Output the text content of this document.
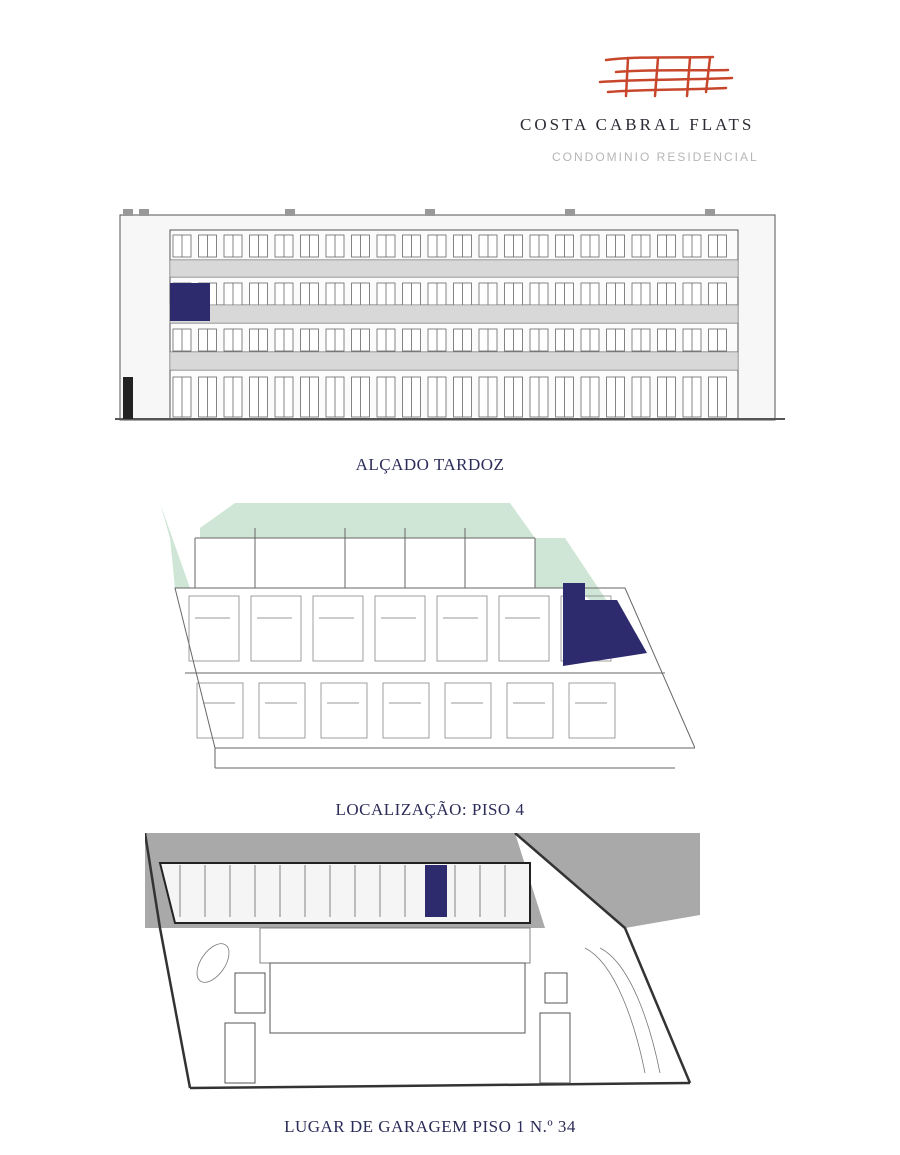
COSTA CABRAL FLATS
CONDOMINIO RESIDENCIAL
ALÇADO TARDOZ
LOCALIZAÇÃO: PISO 4
LUGAR DE GARAGEM PISO 1 N.º 34
